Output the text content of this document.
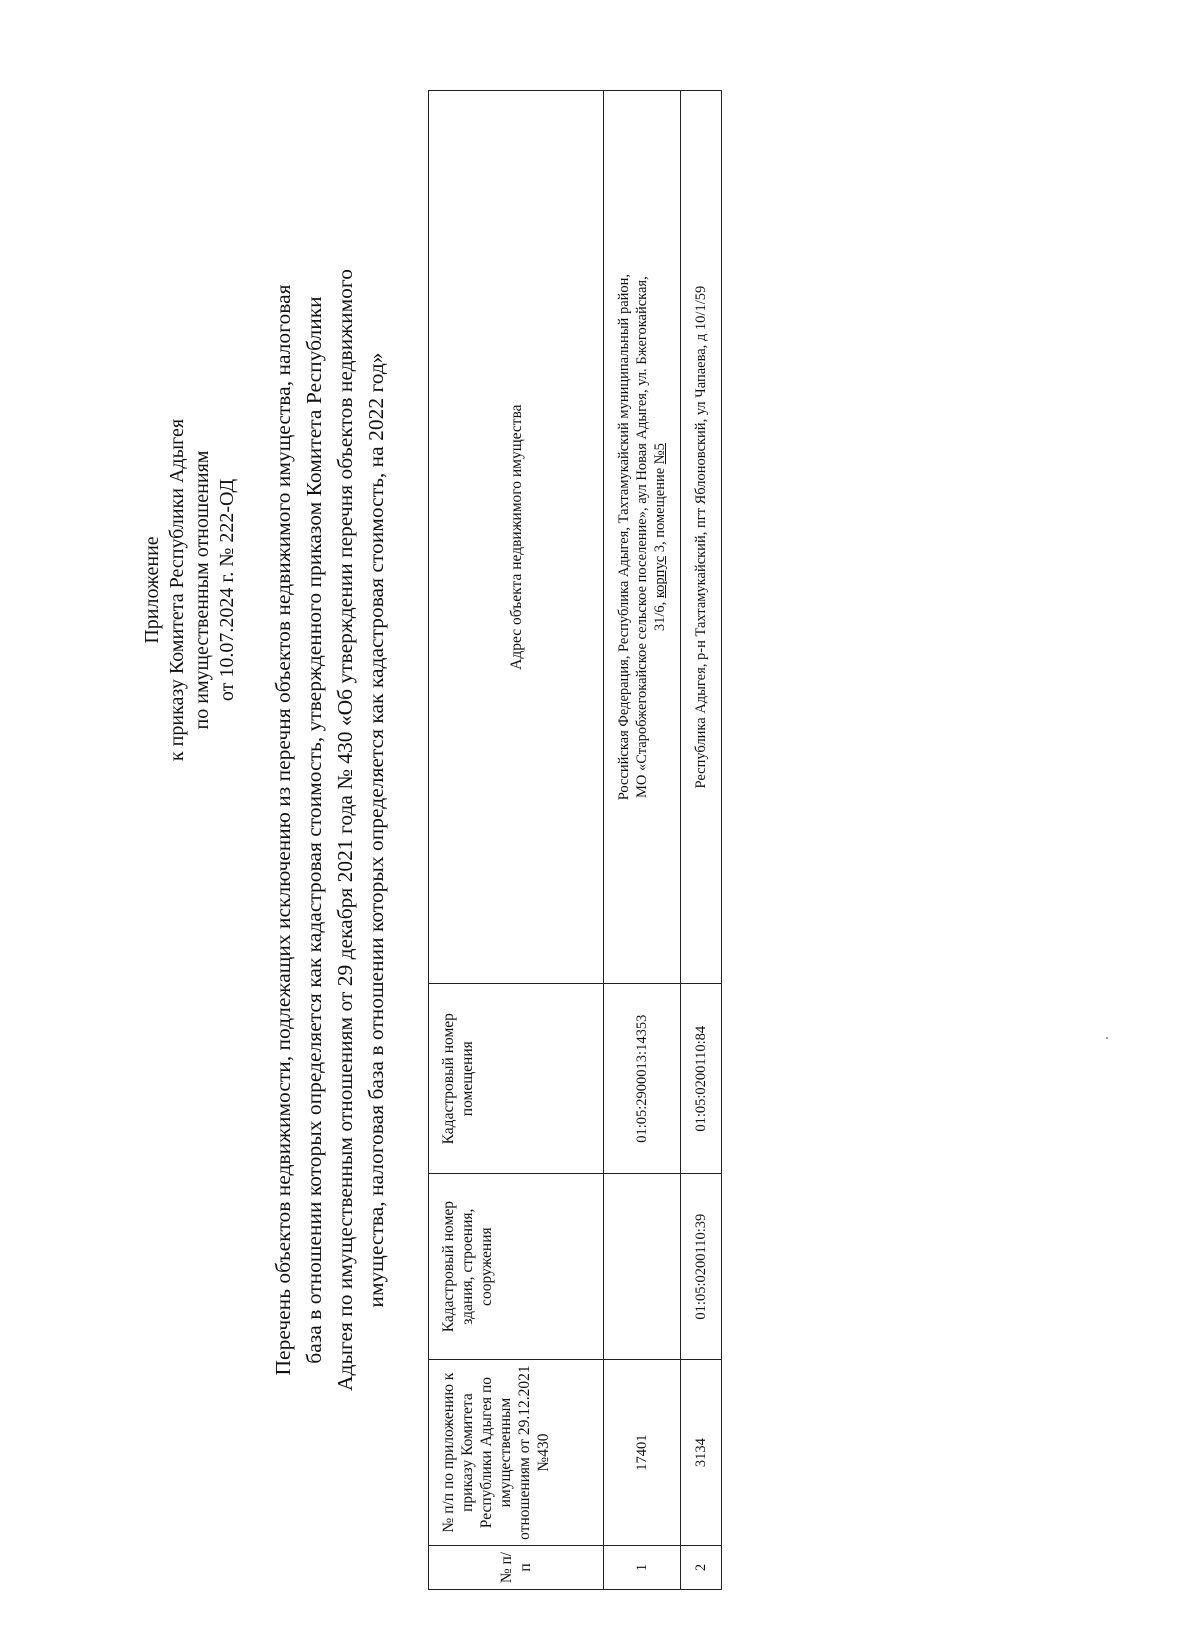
Приложение к приказу Комитета Республики Адыгея по имущественным отношениям от 10.07.2024 г. № 222-ОД Перечень объектов недвижимости, подлежащих исключению из перечня объектов недвижимого имущества, налоговая база в отношении которых определяется как кадастровая стоимость, утвержденного приказом Комитета Республики Адыгея по имущественным отношениям от 29 декабря 2021 года № 430 «Об утверждении перечня объектов недвижимого имущества, налоговая база в отношении которых определяется как кадастровая стоимость, на 2022 год»
№ п/п	№ п/п по приложению к приказу Комитета Республики Адыгея по имущественным отношениям от 29.12.2021 №430	Кадастровый номер здания, строения, сооружения	Кадастровый номер помещения	Адрес объекта недвижимого имущества
1	17401		01:05:2900013:14353	Российская Федерация, Республика Адыгея, Тахтамукайский муниципальный район, МО «Старобжегокайское сельское поселение», аул Новая Адыгея, ул. Бжегокайская, 31/6, корпус 3, помещение №5
2	3134	01:05:0200110:39	01:05:0200110:84	Республика Адыгея, р-н Тахтамукайский, пгт Яблоновский, ул Чапаева, д 10/1/59
